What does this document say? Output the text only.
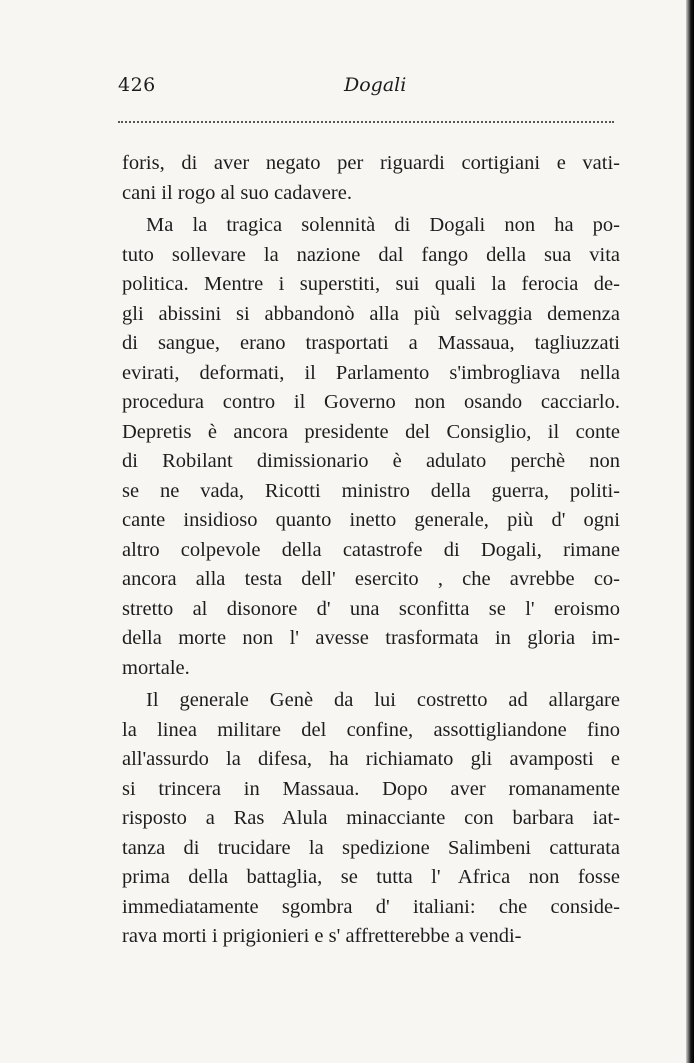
426	Dogali
foris, di aver negato per riguardi cortigiani e vati-
cani il rogo al suo cadavere.
Ma la tragica solennità di Dogali non ha po-
tuto sollevare la nazione dal fango della sua vita
politica. Mentre i superstiti, sui quali la ferocia de-
gli abissini si abbandonò alla più selvaggia demenza
di sangue, erano trasportati a Massaua, tagliuzzati
evirati, deformati, il Parlamento s'imbrogliava nella
procedura contro il Governo non osando cacciarlo.
Depretis è ancora presidente del Consiglio, il conte
di Robilant dimissionario è adulato perchè non
se ne vada, Ricotti ministro della guerra, politi-
cante insidioso quanto inetto generale, più d' ogni
altro colpevole della catastrofe di Dogali, rimane
ancora alla testa dell' esercito , che avrebbe co-
stretto al disonore d' una sconfitta se l' eroismo
della morte non l' avesse trasformata in gloria im-
mortale.
Il generale Genè da lui costretto ad allargare
la linea militare del confine, assottigliandone fino
all'assurdo la difesa, ha richiamato gli avamposti e
si trincera in Massaua. Dopo aver romanamente
risposto a Ras Alula minacciante con barbara iat-
tanza di trucidare la spedizione Salimbeni catturata
prima della battaglia, se tutta l' Africa non fosse
immediatamente sgombra d' italiani: che conside-
rava morti i prigionieri e s' affretterebbe a vendi-
